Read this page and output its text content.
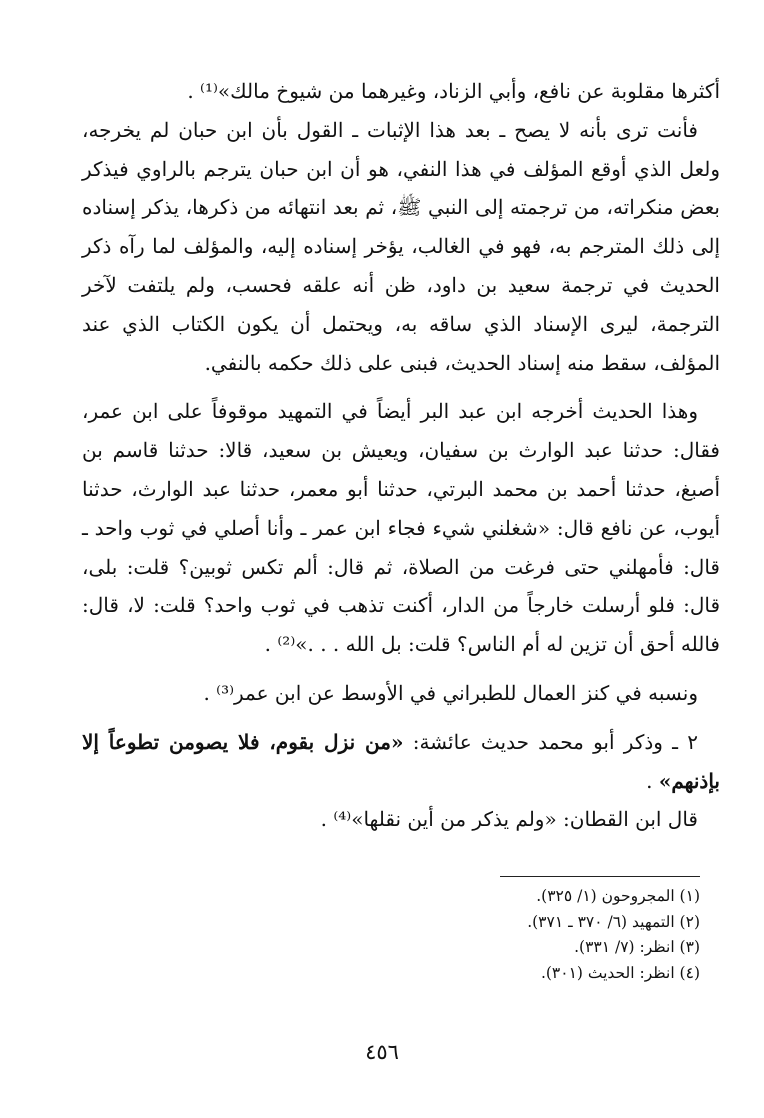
أكثرها مقلوبة عن نافع، وأبي الزناد، وغيرهما من شيوخ مالك»⁽¹⁾ .

فأنت ترى بأنه لا يصح ـ بعد هذا الإثبات ـ القول بأن ابن حبان لم يخرجه، ولعل الذي أوقع المؤلف في هذا النفي، هو أن ابن حبان يترجم بالراوي فيذكر بعض منكراته، من ترجمته إلى النبي ﷺ، ثم بعد انتهائه من ذكرها، يذكر إسناده إلى ذلك المترجم به، فهو في الغالب، يؤخر إسناده إليه، والمؤلف لما رآه ذكر الحديث في ترجمة سعيد بن داود، ظن أنه علقه فحسب، ولم يلتفت لآخر الترجمة، ليرى الإسناد الذي ساقه به، ويحتمل أن يكون الكتاب الذي عند المؤلف، سقط منه إسناد الحديث، فبنى على ذلك حكمه بالنفي.

وهذا الحديث أخرجه ابن عبد البر أيضاً في التمهيد موقوفاً على ابن عمر، فقال: حدثنا عبد الوارث بن سفيان، ويعيش بن سعيد، قالا: حدثنا قاسم بن أصبغ، حدثنا أحمد بن محمد البرتي، حدثنا أبو معمر، حدثنا عبد الوارث، حدثنا أيوب، عن نافع قال: «شغلني شيء فجاء ابن عمر ـ وأنا أصلي في ثوب واحد ـ قال: فأمهلني حتى فرغت من الصلاة، ثم قال: ألم تكس ثوبين؟ قلت: بلى، قال: فلو أرسلت خارجاً من الدار، أكنت تذهب في ثوب واحد؟ قلت: لا، قال: فالله أحق أن تزين له أم الناس؟ قلت: بل الله . . .»⁽²⁾ .

ونسبه في كنز العمال للطبراني في الأوسط عن ابن عمر⁽³⁾ .

٢ ـ وذكر أبو محمد حديث عائشة: «من نزل بقوم، فلا يصومن تطوعاً إلا بإذنهم» .

قال ابن القطان: «ولم يذكر من أين نقلها»⁽⁴⁾ .

(١) المجروحون (١/ ٣٢٥).
(٢) التمهيد (٦/ ٣٧٠ ـ ٣٧١).
(٣) انظر: (٧/ ٣٣١).
(٤) انظر: الحديث (٣٠١).
٤٥٦
